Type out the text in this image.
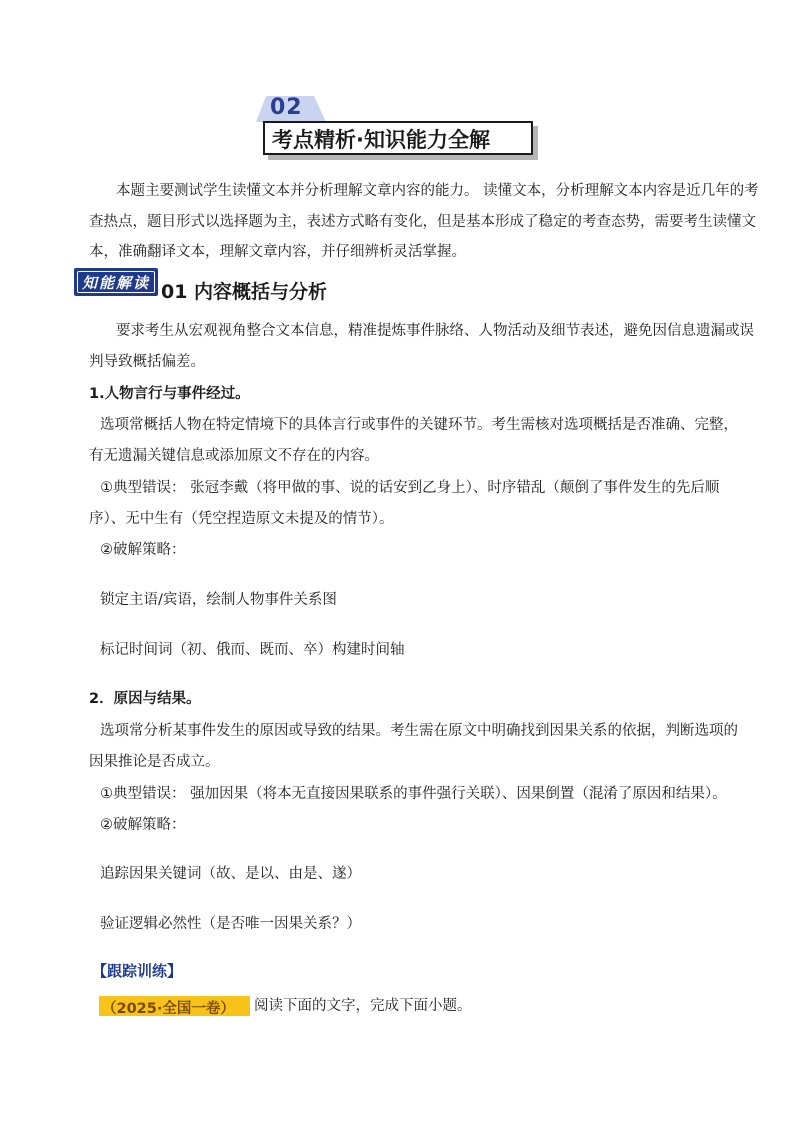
02
考点精析·知识能力全解
本题主要测试学生读懂文本并分析理解文章内容的能力。 读懂文本，分析理解文本内容是近几年的考
查热点，题目形式以选择题为主，表述方式略有变化，但是基本形成了稳定的考查态势，需要考生读懂文
本，准确翻译文本，理解文章内容，并仔细辨析灵活掌握。
知能解读 01 内容概括与分析
要求考生从宏观视角整合文本信息，精准提炼事件脉络、人物活动及细节表述，避免因信息遗漏或误
判导致概括偏差。
1.人物言行与事件经过。
选项常概括人物在特定情境下的具体言行或事件的关键环节。考生需核对选项概括是否准确、完整，
有无遗漏关键信息或添加原文不存在的内容。
①典型错误： 张冠李戴（将甲做的事、说的话安到乙身上）、时序错乱（颠倒了事件发生的先后顺
序）、无中生有（凭空捏造原文未提及的情节）。
②破解策略：
锁定主语/宾语，绘制人物事件关系图
标记时间词（初、俄而、既而、卒）构建时间轴
2．原因与结果。
选项常分析某事件发生的原因或导致的结果。考生需在原文中明确找到因果关系的依据，判断选项的
因果推论是否成立。
①典型错误： 强加因果（将本无直接因果联系的事件强行关联）、因果倒置（混淆了原因和结果）。
②破解策略：
追踪因果关键词（故、是以、由是、遂）
验证逻辑必然性（是否唯一因果关系？）
【跟踪训练】
（2025·全国一卷） 阅读下面的文字，完成下面小题。
